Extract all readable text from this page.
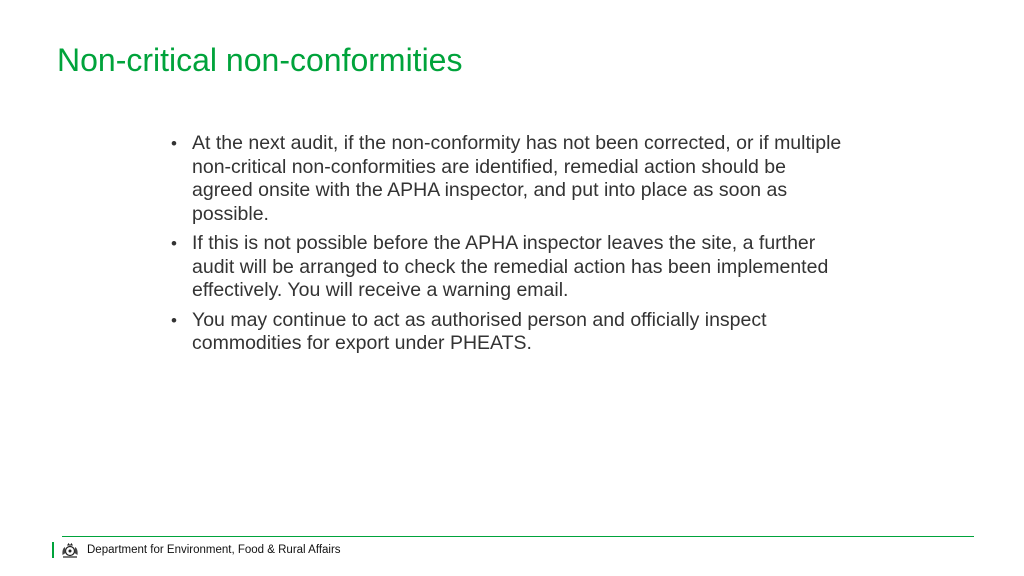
Non-critical non-conformities
• At the next audit, if the non-conformity has not been corrected, or if multiple non-critical non-conformities are identified, remedial action should be agreed onsite with the APHA inspector, and put into place as soon as possible.
• If this is not possible before the APHA inspector leaves the site, a further audit will be arranged to check the remedial action has been implemented effectively. You will receive a warning email.
• You may continue to act as authorised person and officially inspect commodities for export under PHEATS.
Department for Environment, Food & Rural Affairs
